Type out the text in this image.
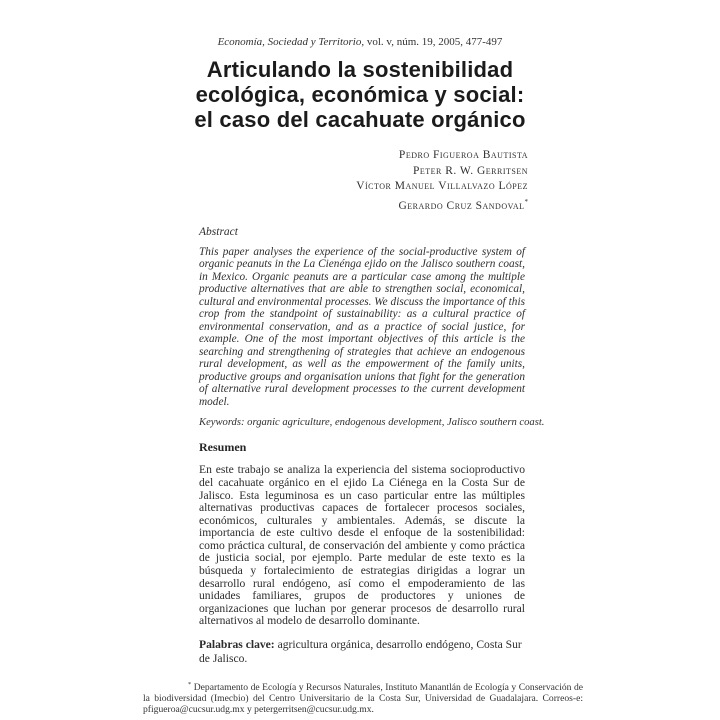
Economía, Sociedad y Territorio, vol. v, núm. 19, 2005, 477-497
Articulando la sostenibilidad
ecológica, económica y social:
el caso del cacahuate orgánico
Pedro Figueroa Bautista
Peter R. W. Gerritsen
Víctor Manuel Villalvazo López
Gerardo Cruz Sandoval*
Abstract

This paper analyses the experience of the social-productive system of organic peanuts in the La Cienénga ejido on the Jalisco southern coast, in Mexico. Organic peanuts are a particular case among the multiple productive alternatives that are able to strengthen social, economical, cultural and environmental processes. We discuss the importance of this crop from the standpoint of sustainability: as a cultural practice of environmental conservation, and as a practice of social justice, for example. One of the most important objectives of this article is the searching and strengthening of strategies that achieve an endogenous rural development, as well as the empowerment of the family units, productive groups and organisation unions that fight for the generation of alternative rural development processes to the current development model.

Keywords: organic agriculture, endogenous development, Jalisco southern coast.
Resumen

En este trabajo se analiza la experiencia del sistema socioproductivo del cacahuate orgánico en el ejido La Ciénega en la Costa Sur de Jalisco. Esta leguminosa es un caso particular entre las múltiples alternativas productivas capaces de fortalecer procesos sociales, económicos, culturales y ambientales. Además, se discute la importancia de este cultivo desde el enfoque de la sostenibilidad: como práctica cultural, de conservación del ambiente y como práctica de justicia social, por ejemplo. Parte medular de este texto es la búsqueda y fortalecimiento de estrategias dirigidas a lograr un desarrollo rural endógeno, así como el empoderamiento de las unidades familiares, grupos de productores y uniones de organizaciones que luchan por generar procesos de desarrollo rural alternativos al modelo de desarrollo dominante.

Palabras clave: agricultura orgánica, desarrollo endógeno, Costa Sur de Jalisco.

* Departamento de Ecología y Recursos Naturales, Instituto Manantlán de Ecología y Conservación de la biodiversidad (Imecbio) del Centro Universitario de la Costa Sur, Universidad de Guadalajara. Correos-e: pfigueroa@cucsur.udg.mx y petergerritsen@cucsur.udg.mx.
